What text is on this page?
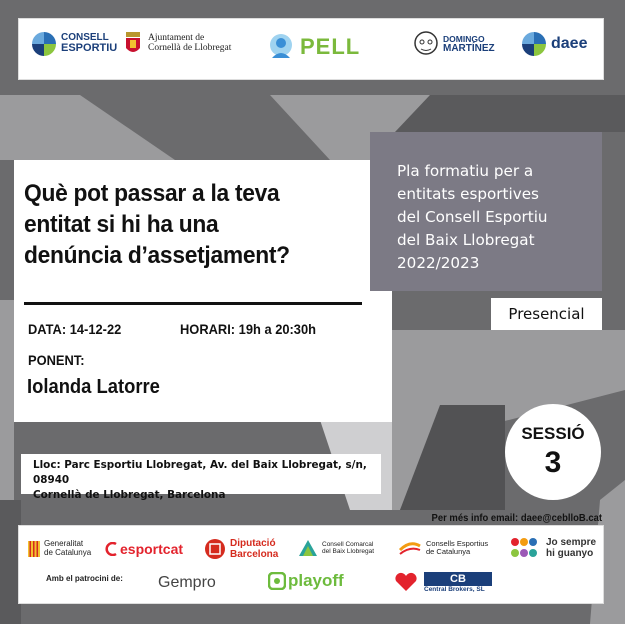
CONSELL
ESPORTIU
Ajuntament de
Cornellà de Llobregat	PELL	DOMINGO
MARTÍNEZ	daee
Què pot passar a la teva
entitat si hi ha una
denúncia d’assetjament?
DATA: 14-12-22	HORARI: 19h a 20:30h
PONENT:
Iolanda Latorre
Pla formatiu per a
entitats esportives
del Consell Esportiu
del Baix Llobregat
2022/2023
Presencial
SESSIÓ
3
Lloc: Parc Esportiu Llobregat, Av. del Baix Llobregat, s/n, 08940
Cornellà de Llobregat, Barcelona
Per més info email: daee@ceblloB.cat
Generalitat
de Catalunya esportcat	Diputació
Barcelona
Consell Comarcal
del Baix Llobregat
Consells Esportius
de Catalunya
Jo sempre
hi guanyo
Amb el patrocini de: Gempro	playoff	CB
Central Brokers, SL
